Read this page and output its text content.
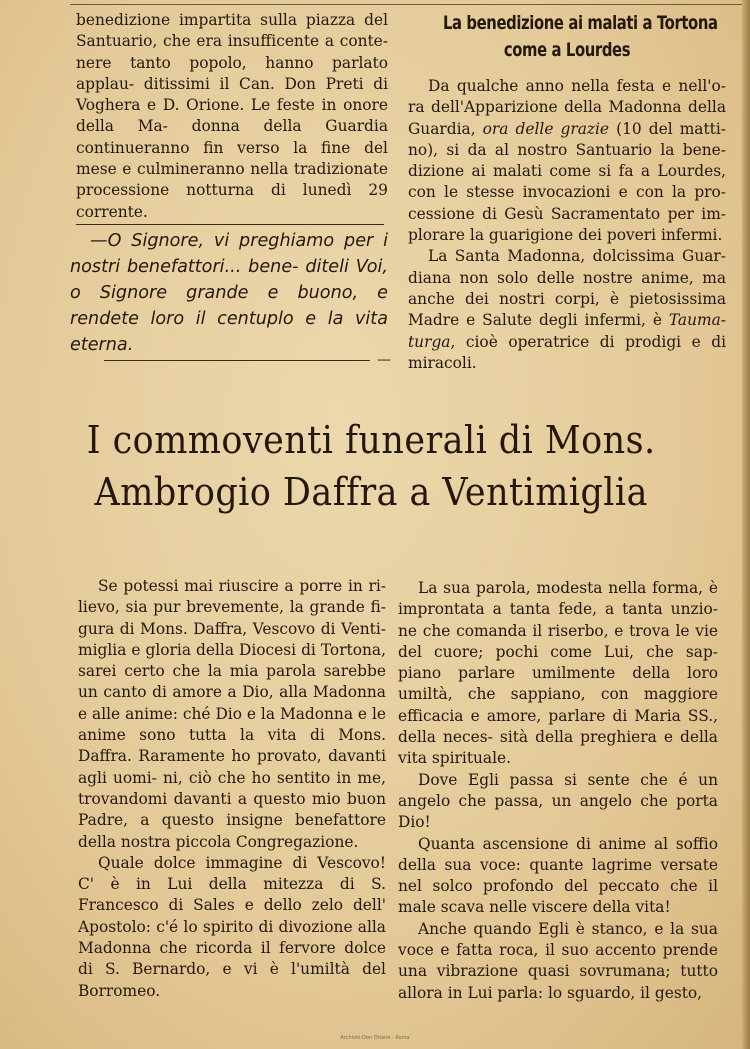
benedizione impartita sulla piazza del Santuario, che era insufficente a conte- nere tanto popolo, hanno parlato applau- ditissimi il Can. Don Preti di Voghera e D. Orione. Le feste in onore della Ma- donna della Guardia continueranno fin verso la fine del mese e culmineranno nella tradizionate processione notturna di lunedì 29 corrente.

—O Signore, vi preghiamo per i nostri benefattori... bene- diteli Voi, o Signore grande e buono, e rendete loro il centuplo e la vita eterna.

—
La benedizione ai malati a Tortona
come a Lourdes

Da qualche anno nella festa e nell'o- ra dell'Apparizione della Madonna della Guardia, ora delle grazie (10 del matti- no), si da al nostro Santuario la bene- dizione ai malati come si fa a Lourdes, con le stesse invocazioni e con la pro- cessione di Gesù Sacramentato per im- plorare la guarigione dei poveri infermi.

La Santa Madonna, dolcissima Guar- diana non solo delle nostre anime, ma anche dei nostri corpi, è pietosissima Madre e Salute degli infermi, è Tauma- turga, cioè operatrice di prodigi e di miracoli.

I commoventi funerali di Mons.
Ambrogio Daffra a Ventimiglia

Se potessi mai riuscire a porre in ri- lievo, sia pur brevemente, la grande fi- gura di Mons. Daffra, Vescovo di Venti- miglia e gloria della Diocesi di Tortona, sarei certo che la mia parola sarebbe un canto di amore a Dio, alla Madonna e alle anime: ché Dio e la Madonna e le anime sono tutta la vita di Mons. Daffra. Raramente ho provato, davanti agli uomi- ni, ciò che ho sentito in me, trovandomi davanti a questo mio buon Padre, a questo insigne benefattore della nostra piccola Congregazione.

Quale dolce immagine di Vescovo! C' è in Lui della mitezza di S. Francesco di Sales e dello zelo dell' Apostolo: c'é lo spirito di divozione alla Madonna che ricorda il fervore dolce di S. Bernardo, e vi è l'umiltà del Borromeo.

La sua parola, modesta nella forma, è improntata a tanta fede, a tanta unzio- ne che comanda il riserbo, e trova le vie del cuore; pochi come Lui, che sap- piano parlare umilmente della loro umiltà, che sappiano, con maggiore efficacia e amore, parlare di Maria SS., della neces- sità della preghiera e della vita spirituale.

Dove Egli passa si sente che é un angelo che passa, un angelo che porta Dio!

Quanta ascensione di anime al soffio della sua voce: quante lagrime versate nel solco profondo del peccato che il male scava nelle viscere della vita!

Anche quando Egli è stanco, e la sua voce e fatta roca, il suo accento prende una vibrazione quasi sovrumana; tutto allora in Lui parla: lo sguardo, il gesto,

Archivio Don Orione - Roma
